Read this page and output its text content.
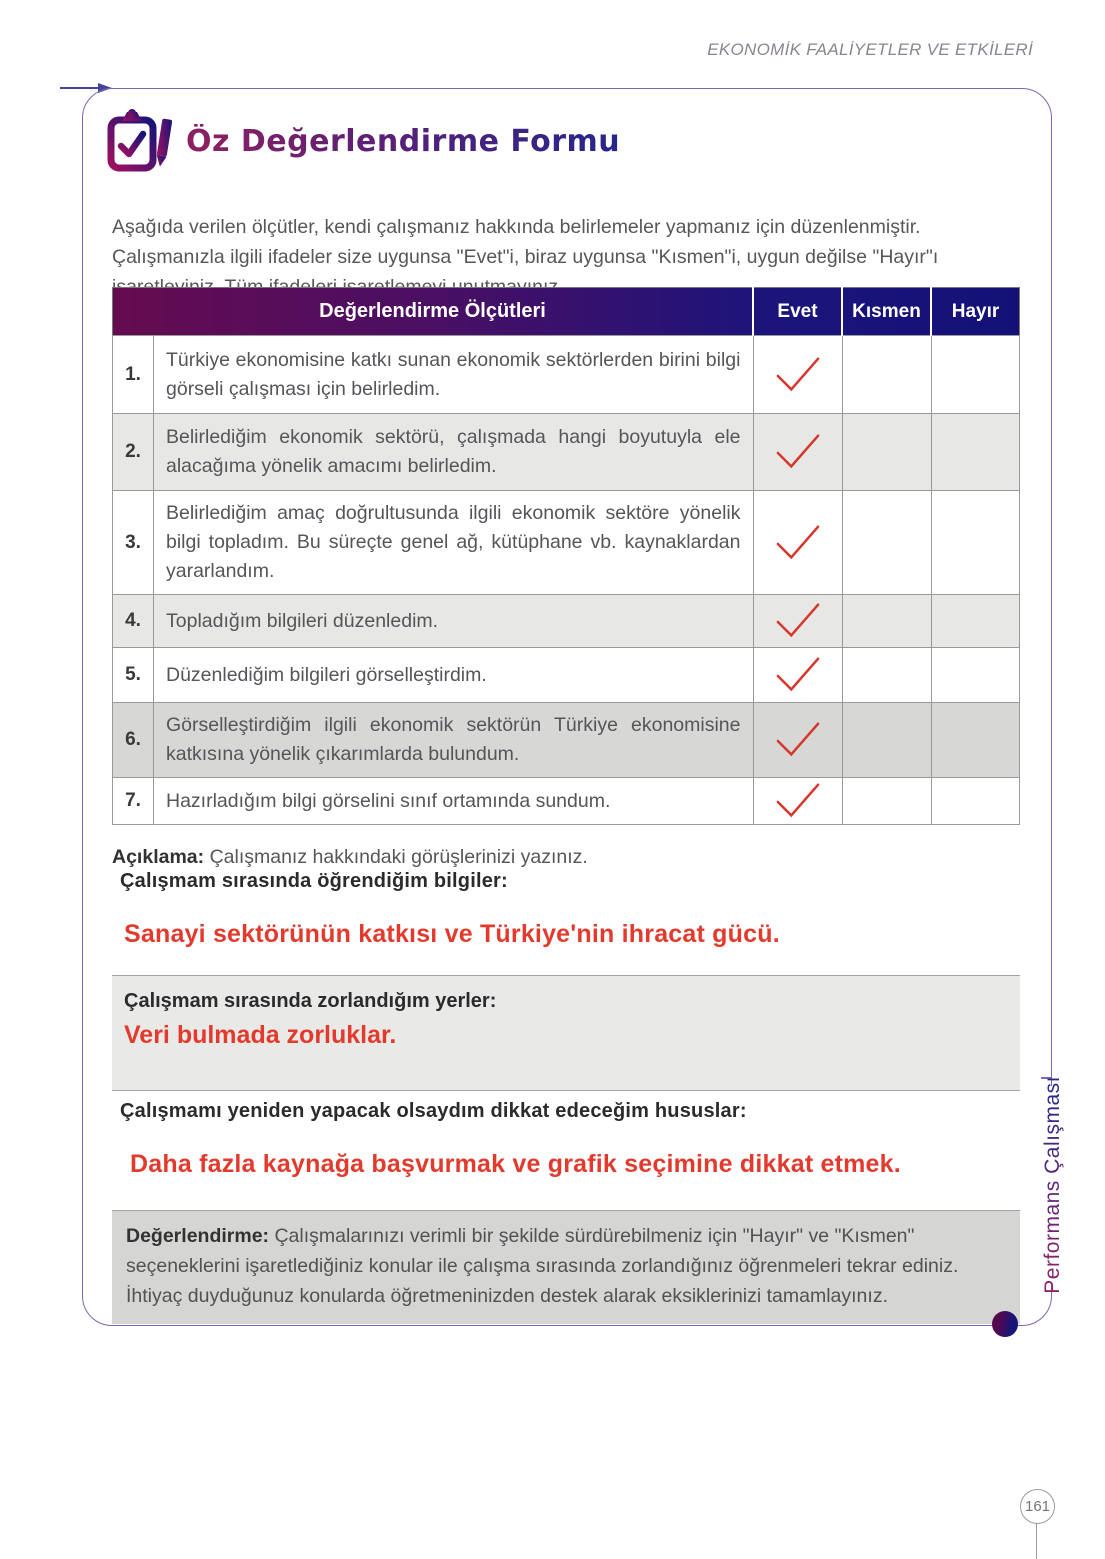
EKONOMİK FAALİYETLER VE ETKİLERİ
Öz Değerlendirme Formu

Aşağıda verilen ölçütler, kendi çalışmanız hakkında belirlemeler yapmanız için düzenlenmiştir. Çalışmanızla ilgili ifadeler size uygunsa "Evet"i, biraz uygunsa "Kısmen"i, uygun değilse "Hayır"ı işaretleyiniz. Tüm ifadeleri işaretlemeyi unutmayınız.

Değerlendirme Ölçütleri		Evet	Kısmen	Hayır
1.	Türkiye ekonomisine katkı sunan ekonomik sektörlerden birini bilgi görseli çalışması için belirledim.			
2.	Belirlediğim ekonomik sektörü, çalışmada hangi boyutuyla ele alacağıma yönelik amacımı belirledim.			
3.	Belirlediğim amaç doğrultusunda ilgili ekonomik sektöre yönelik bilgi topladım. Bu süreçte genel ağ, kütüphane vb. kaynaklardan yararlandım.			
4.	Topladığım bilgileri düzenledim.			
5.	Düzenlediğim bilgileri görselleştirdim.			
6.	Görselleştirdiğim ilgili ekonomik sektörün Türkiye ekonomisine katkısına yönelik çıkarımlarda bulundum.			
7.	Hazırladığım bilgi görselini sınıf ortamında sundum.			

Açıklama: Çalışmanız hakkındaki görüşlerinizi yazınız.

Çalışmam sırasında öğrendiğim bilgiler:
Sanayi sektörünün katkısı ve Türkiye'nin ihracat gücü.
Çalışmam sırasında zorlandığım yerler:
Veri bulmada zorluklar.
Çalışmamı yeniden yapacak olsaydım dikkat edeceğim hususlar:
Daha fazla kaynağa başvurmak ve grafik seçimine dikkat etmek.
Değerlendirme: Çalışmalarınızı verimli bir şekilde sürdürebilmeniz için "Hayır" ve "Kısmen" seçeneklerini işaretlediğiniz konular ile çalışma sırasında zorlandığınız öğrenmeleri tekrar ediniz. İhtiyaç duyduğunuz konularda öğretmeninizden destek alarak eksiklerinizi tamamlayınız.
Performans Çalışması
161
